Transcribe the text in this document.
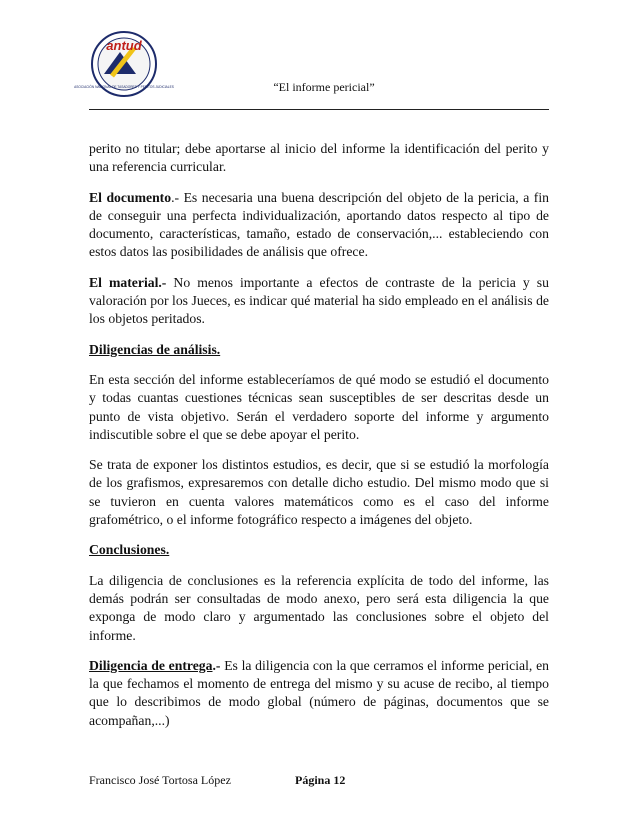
antud
ASOCIACIÓN NACIONAL DE TASADORES Y PERITOS JUDICIALES	“El informe pericial”

perito no titular; debe aportarse al inicio del informe la identificación del perito y una referencia curricular.

El documento.- Es necesaria una buena descripción del objeto de la pericia, a fin de conseguir una perfecta individualización, aportando datos respecto al tipo de documento, características, tamaño, estado de conservación,... estableciendo con estos datos las posibilidades de análisis que ofrece.

El material.- No menos importante a efectos de contraste de la pericia y su valoración por los Jueces, es indicar qué material ha sido empleado en el análisis de los objetos peritados.

Diligencias de análisis.

En esta sección del informe estableceríamos de qué modo se estudió el documento y todas cuantas cuestiones técnicas sean susceptibles de ser descritas desde un punto de vista objetivo. Serán el verdadero soporte del informe y argumento indiscutible sobre el que se debe apoyar el perito.

Se trata de exponer los distintos estudios, es decir, que si se estudió la morfología de los grafismos, expresaremos con detalle dicho estudio. Del mismo modo que si se tuvieron en cuenta valores matemáticos como es el caso del informe grafométrico, o el informe fotográfico respecto a imágenes del objeto.

Conclusiones.

La diligencia de conclusiones es la referencia explícita de todo del informe, las demás podrán ser consultadas de modo anexo, pero será esta diligencia la que exponga de modo claro y argumentado las conclusiones sobre el objeto del informe.

Diligencia de entrega.- Es la diligencia con la que cerramos el informe pericial, en la que fechamos el momento de entrega del mismo y su acuse de recibo, al tiempo que lo describimos de modo global (número de páginas, documentos que se acompañan,...)

Francisco José Tortosa López	Página 12
